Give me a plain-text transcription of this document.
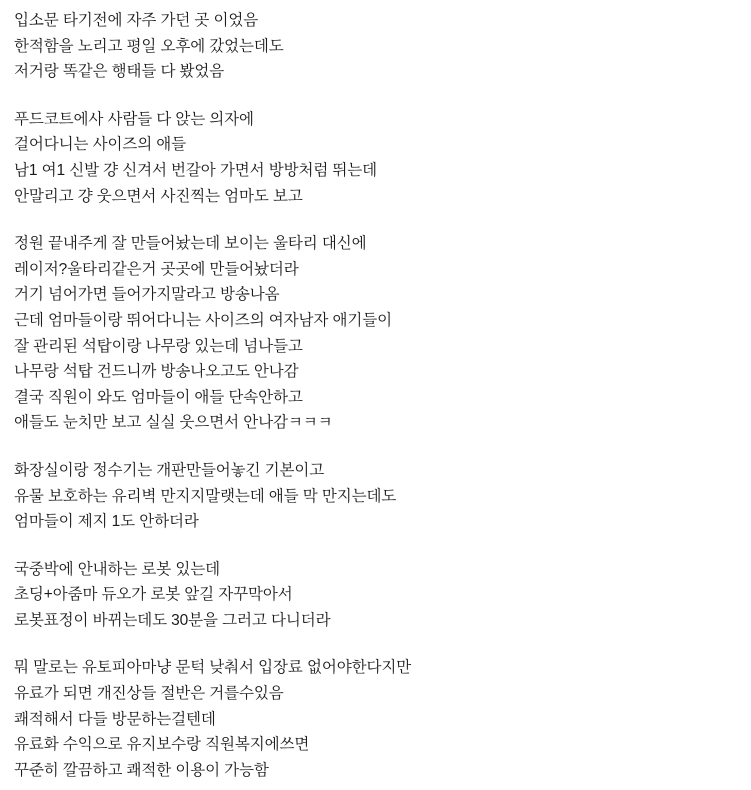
입소문 타기전에 자주 가던 곳 이었음
한적함을 노리고 평일 오후에 갔었는데도
저거랑 똑같은 행태들 다 봤었음
푸드코트에사 사람들 다 앉는 의자에
걸어다니는 사이즈의 애들
남1 여1 신발 걍 신겨서 번갈아 가면서 방방처럼 뛰는데
안말리고 걍 웃으면서 사진찍는 엄마도 보고
정원 끝내주게 잘 만들어놨는데 보이는 울타리 대신에
레이저?울타리같은거 곳곳에 만들어놨더라
거기 넘어가면 들어가지말라고 방송나옴
근데 엄마들이랑 뛰어다니는 사이즈의 여자남자 애기들이
잘 관리된 석탑이랑 나무랑 있는데 넘나들고
나무랑 석탑 건드니까 방송나오고도 안나감
결국 직원이 와도 엄마들이 애들 단속안하고
애들도 눈치만 보고 실실 웃으면서 안나감ㅋㅋㅋ
화장실이랑 정수기는 개판만들어놓긴 기본이고
유물 보호하는 유리벽 만지지말랫는데 애들 막 만지는데도
엄마들이 제지 1도 안하더라
국중박에 안내하는 로봇 있는데
초딩+아줌마 듀오가 로봇 앞길 자꾸막아서
로봇표정이 바뀌는데도 30분을 그러고 다니더라
뭐 말로는 유토피아마냥 문턱 낮춰서 입장료 없어야한다지만
유료가 되면 개진상들 절반은 거를수있음
쾌적해서 다들 방문하는걸텐데
유료화 수익으로 유지보수랑 직원복지에쓰면
꾸준히 깔끔하고 쾌적한 이용이 가능함
